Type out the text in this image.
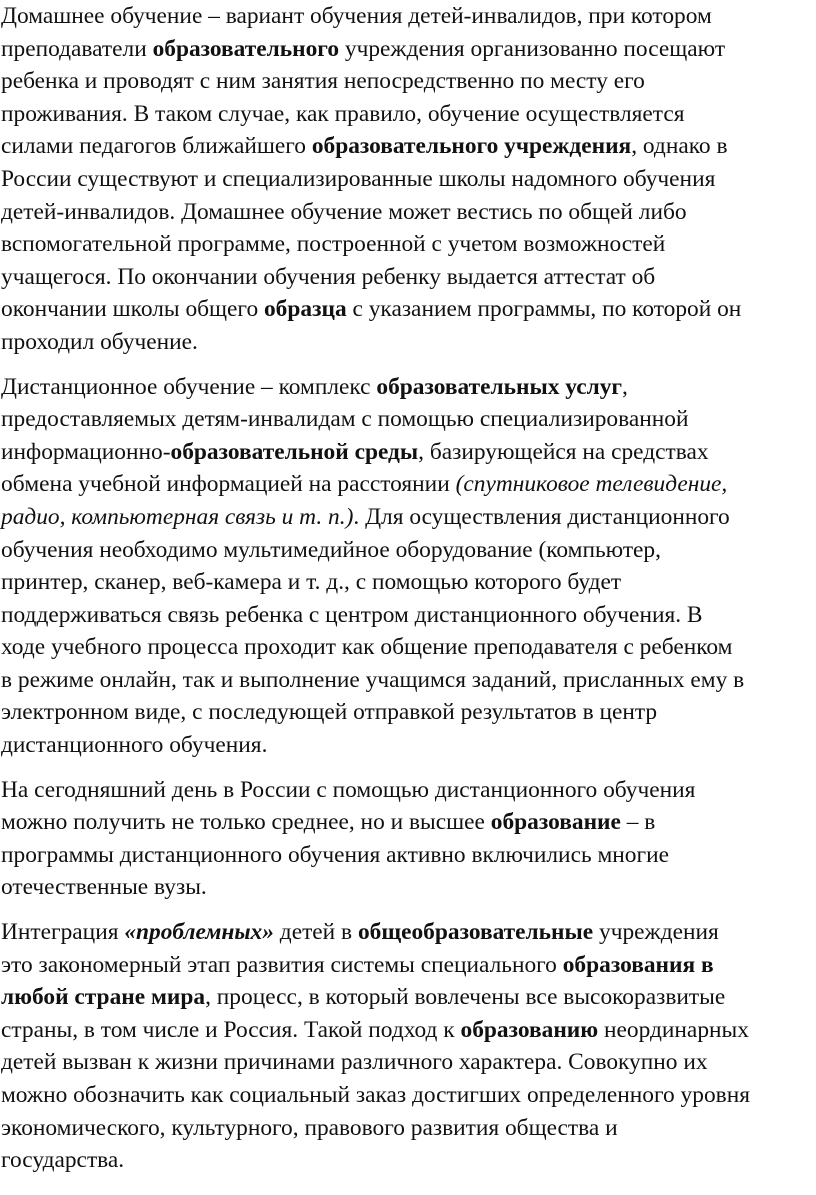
Домашнее обучение – вариант обучения детей-инвалидов, при котором
преподаватели образовательного учреждения организованно посещают
ребенка и проводят с ним занятия непосредственно по месту его
проживания. В таком случае, как правило, обучение осуществляется
силами педагогов ближайшего образовательного учреждения, однако в
России существуют и специализированные школы надомного обучения
детей-инвалидов. Домашнее обучение может вестись по общей либо
вспомогательной программе, построенной с учетом возможностей
учащегося. По окончании обучения ребенку выдается аттестат об
окончании школы общего образца с указанием программы, по которой он
проходил обучение.
Дистанционное обучение – комплекс образовательных услуг,
предоставляемых детям-инвалидам с помощью специализированной
информационно-образовательной среды, базирующейся на средствах
обмена учебной информацией на расстоянии (спутниковое телевидение,
радио, компьютерная связь и т. п.). Для осуществления дистанционного
обучения необходимо мультимедийное оборудование (компьютер,
принтер, сканер, веб-камера и т. д., с помощью которого будет
поддерживаться связь ребенка с центром дистанционного обучения. В
ходе учебного процесса проходит как общение преподавателя с ребенком
в режиме онлайн, так и выполнение учащимся заданий, присланных ему в
электронном виде, с последующей отправкой результатов в центр
дистанционного обучения.
На сегодняшний день в России с помощью дистанционного обучения
можно получить не только среднее, но и высшее образование – в
программы дистанционного обучения активно включились многие
отечественные вузы.
Интеграция «проблемных» детей в общеобразовательные учреждения
это закономерный этап развития системы специального образования в
любой стране мира, процесс, в который вовлечены все высокоразвитые
страны, в том числе и Россия. Такой подход к образованию неординарных
детей вызван к жизни причинами различного характера. Совокупно их
можно обозначить как социальный заказ достигших определенного уровня
экономического, культурного, правового развития общества и
государства.
